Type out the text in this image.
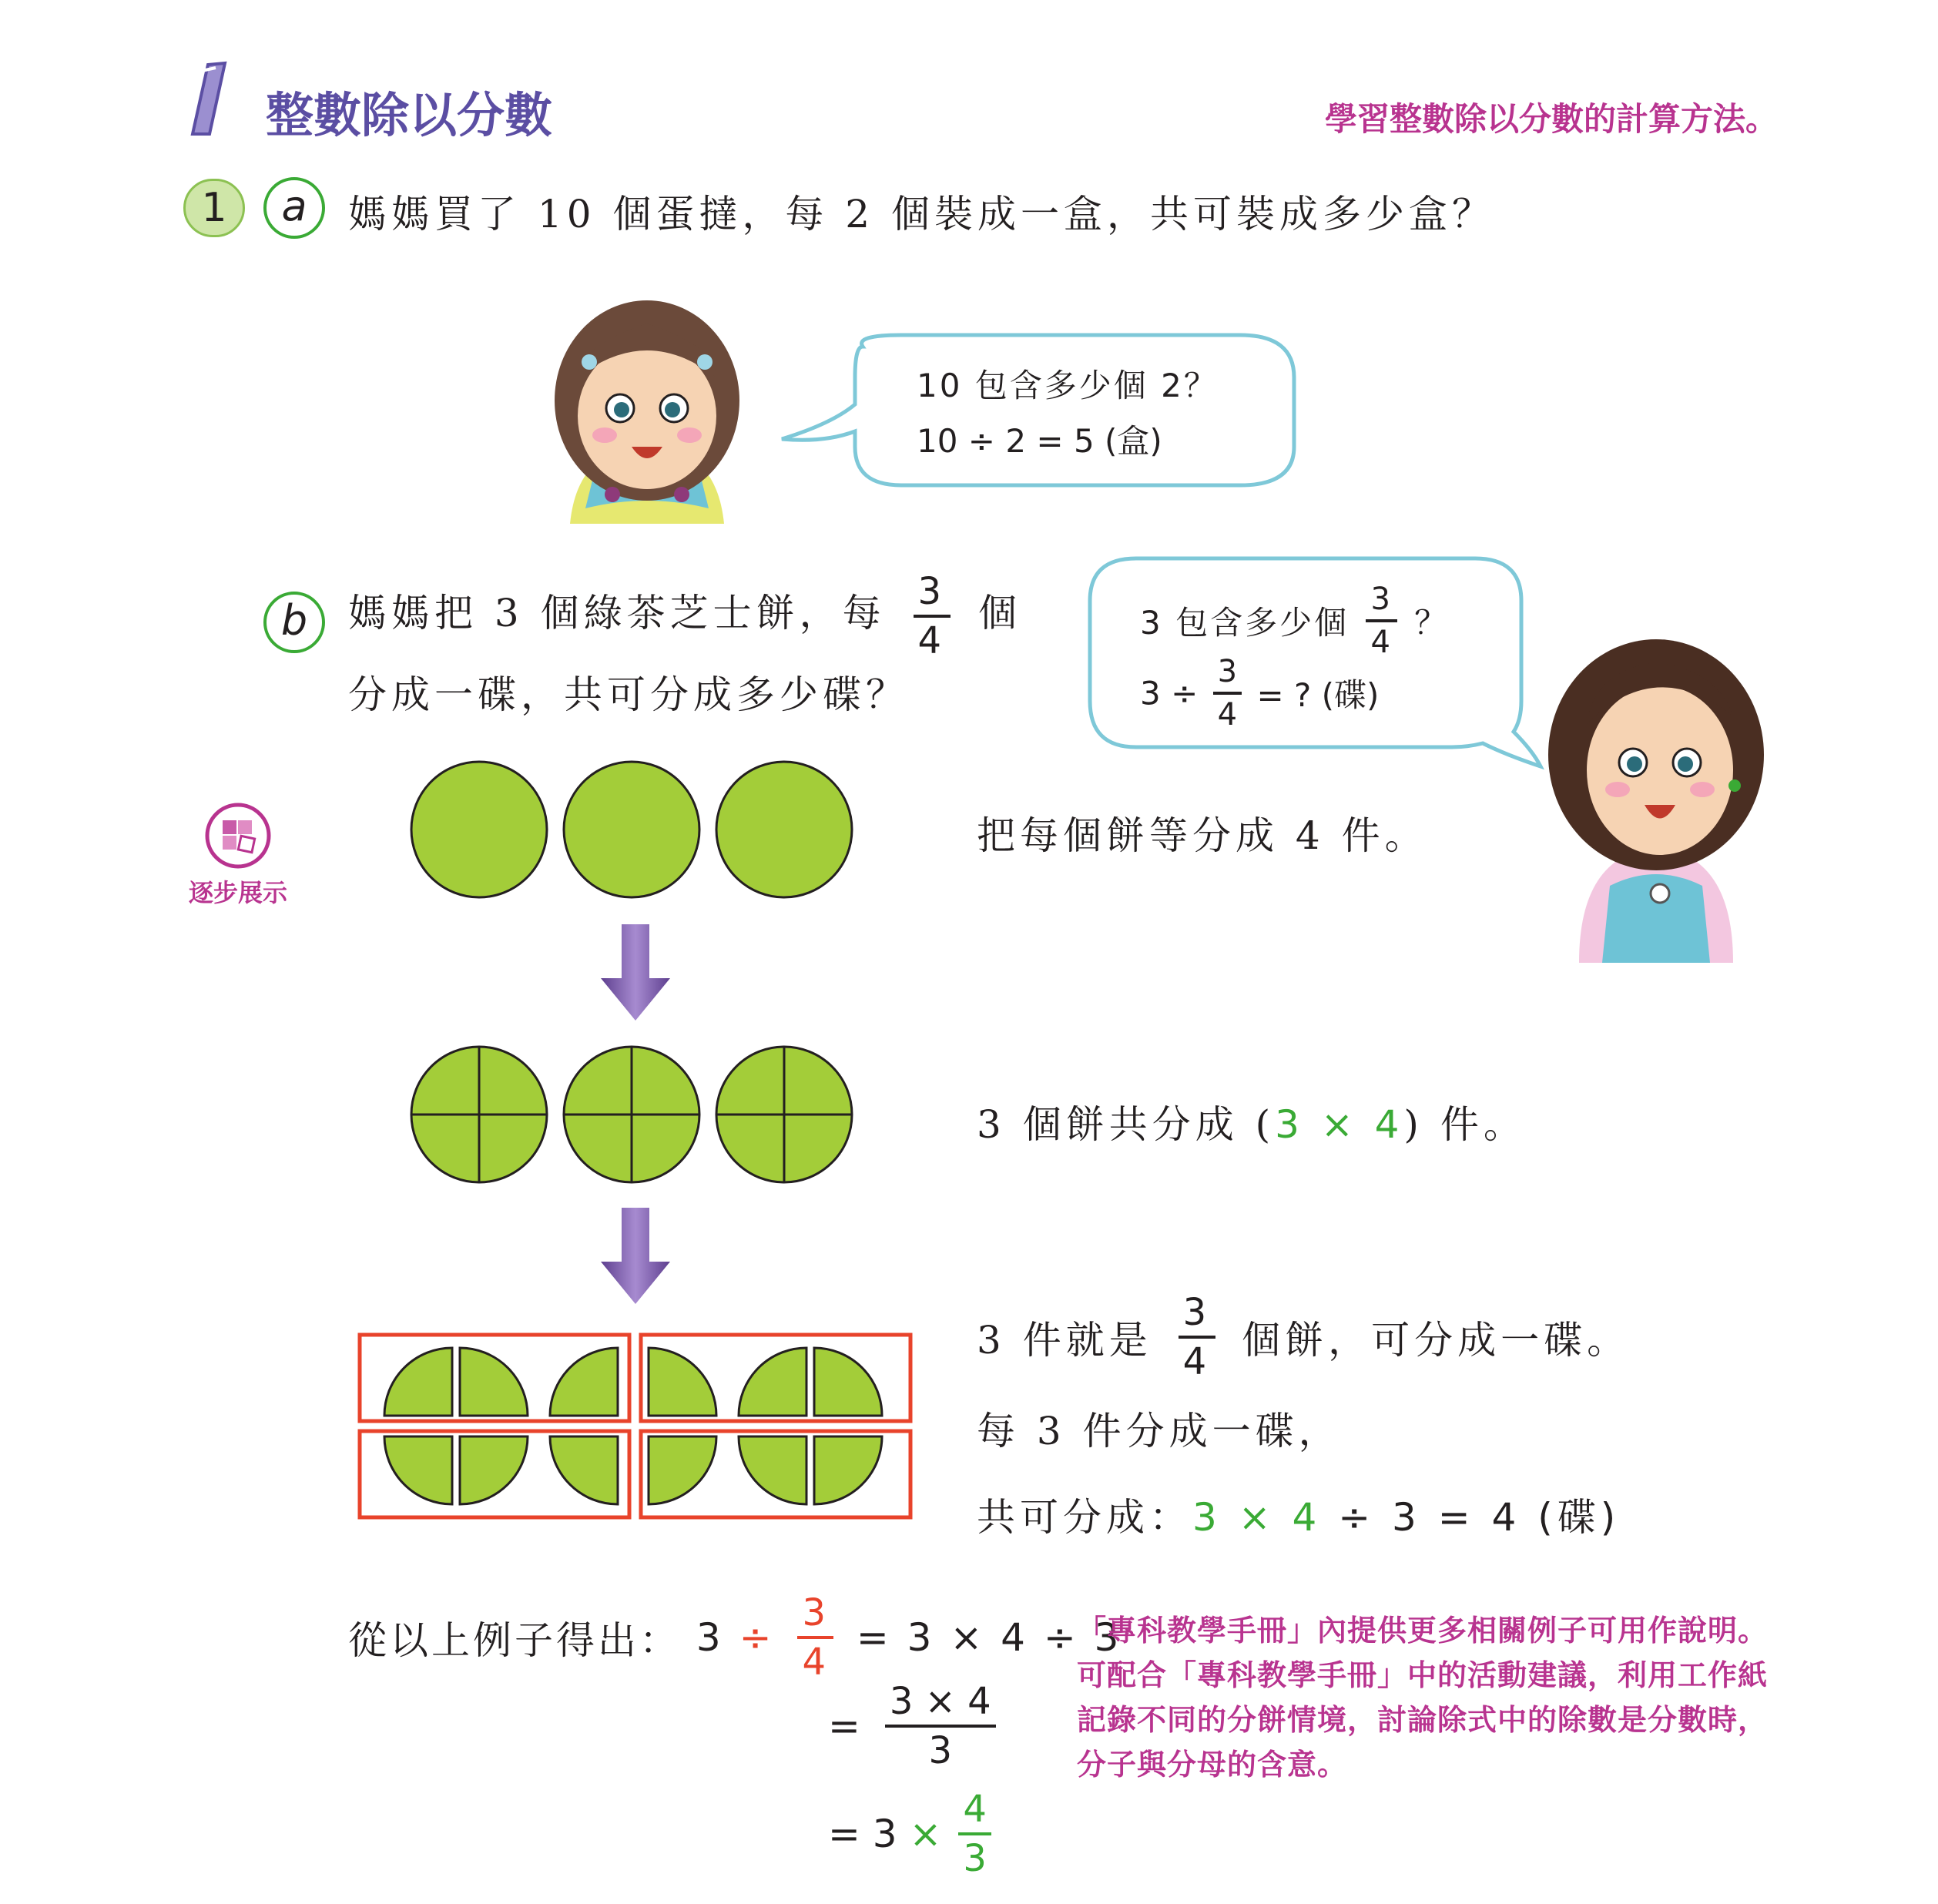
整數除以分數	學習整數除以分數的計算方法。
1	a	媽媽買了 10 個蛋撻，每 2 個裝成一盒，共可裝成多少盒？
10 包含多少個 2？
10 ÷ 2 = 5 (盒)
b	媽媽把 3 個綠茶芝士餅，每 $\frac{3}{4}$ 個
分成一碟，共可分成多少碟？
3 包含多少個 $\frac{3}{4}$ ？
$3 \div \frac{3}{4}$ = ? (碟)
逐步展示
把每個餅等分成 4 件。
3 個餅共分成 (3 × 4) 件。
3 件就是 $\frac{3}{4}$ 個餅，可分成一碟。
每 3 件分成一碟，
共可分成：3 × 4 ÷ 3 = 4 (碟)
從以上例子得出： $3 \div \frac{3}{4} = 3 \times 4 \div 3$
= $\frac{3 \times 4}{3}$
= $3 \times \frac{4}{3}$
「專科教學手冊」內提供更多相關例子可用作說明。
可配合「專科教學手冊」中的活動建議，利用工作紙
記錄不同的分餅情境，討論除式中的除數是分數時，
分子與分母的含意。
